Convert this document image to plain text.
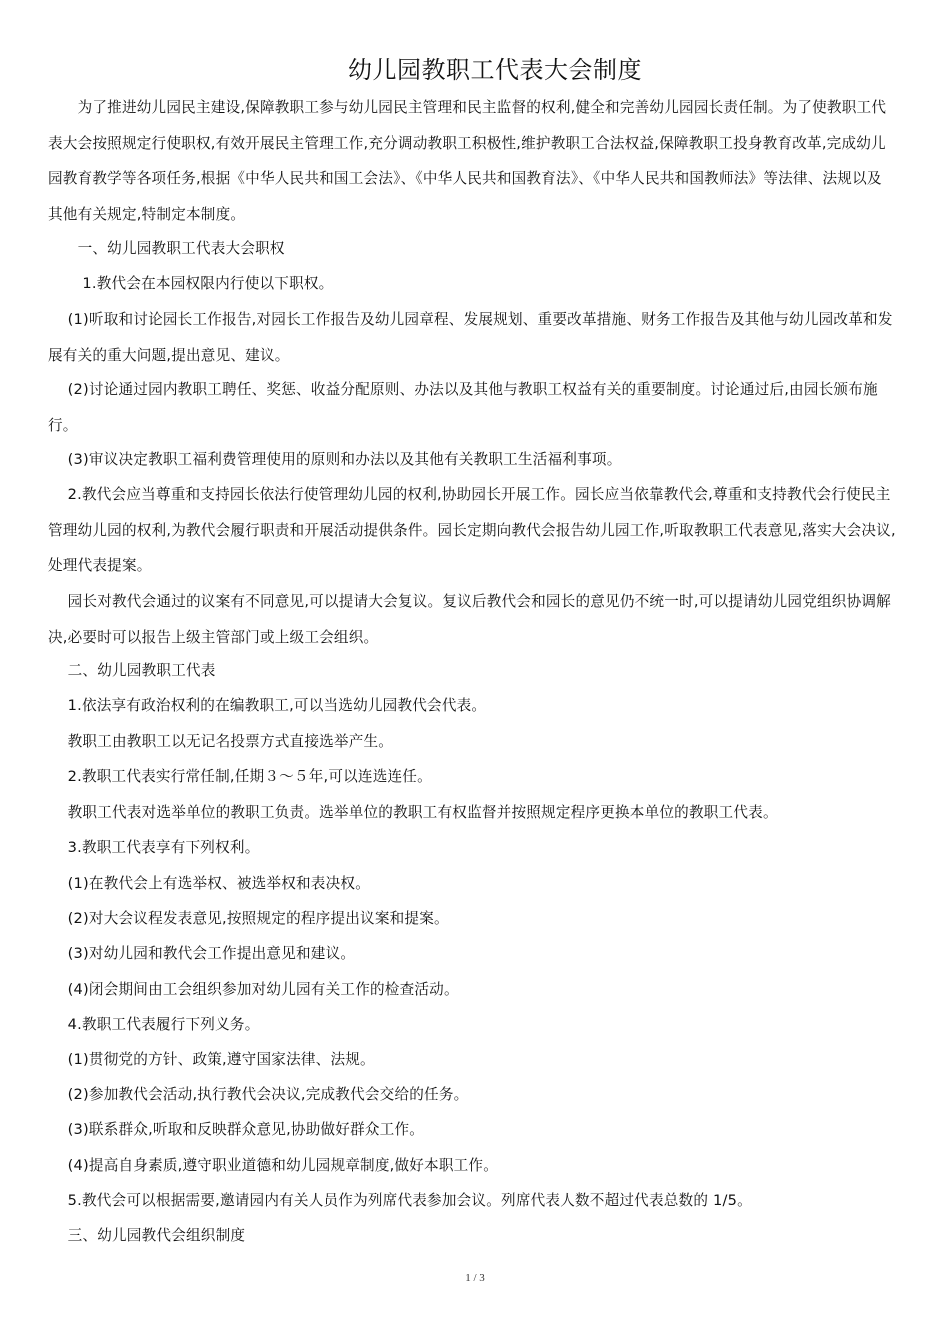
幼儿园教职工代表大会制度

　　为了推进幼儿园民主建设,保障教职工参与幼儿园民主管理和民主监督的权利,健全和完善幼儿园园长责任制。为了使教职工代表大会按照规定行使职权,有效开展民主管理工作,充分调动教职工积极性,维护教职工合法权益,保障教职工投身教育改革,完成幼儿园教育教学等各项任务,根据《中华人民共和国工会法》、《中华人民共和国教育法》、《中华人民共和国教师法》等法律、法规以及其他有关规定,特制定本制度。

　　一、幼儿园教职工代表大会职权

　　 1.教代会在本园权限内行使以下职权。

　 (1)听取和讨论园长工作报告,对园长工作报告及幼儿园章程、发展规划、重要改革措施、财务工作报告及其他与幼儿园改革和发展有关的重大问题,提出意见、建议。

　 (2)讨论通过园内教职工聘任、奖惩、收益分配原则、办法以及其他与教职工权益有关的重要制度。讨论通过后,由园长颁布施行。

　 (3)审议决定教职工福利费管理使用的原则和办法以及其他有关教职工生活福利事项。

　 2.教代会应当尊重和支持园长依法行使管理幼儿园的权利,协助园长开展工作。园长应当依靠教代会,尊重和支持教代会行使民主管理幼儿园的权利,为教代会履行职责和开展活动提供条件。园长定期向教代会报告幼儿园工作,听取教职工代表意见,落实大会决议,处理代表提案。

　 园长对教代会通过的议案有不同意见,可以提请大会复议。复议后教代会和园长的意见仍不统一时,可以提请幼儿园党组织协调解决,必要时可以报告上级主管部门或上级工会组织。

　 二、幼儿园教职工代表

　 1.依法享有政治权利的在编教职工,可以当选幼儿园教代会代表。

　 教职工由教职工以无记名投票方式直接选举产生。

　 2.教职工代表实行常任制,任期３～５年,可以连选连任。

　 教职工代表对选举单位的教职工负责。选举单位的教职工有权监督并按照规定程序更换本单位的教职工代表。

　 3.教职工代表享有下列权利。

　 (1)在教代会上有选举权、被选举权和表决权。

　 (2)对大会议程发表意见,按照规定的程序提出议案和提案。

　 (3)对幼儿园和教代会工作提出意见和建议。

　 (4)闭会期间由工会组织参加对幼儿园有关工作的检查活动。

　 4.教职工代表履行下列义务。

　 (1)贯彻党的方针、政策,遵守国家法律、法规。

　 (2)参加教代会活动,执行教代会决议,完成教代会交给的任务。

　 (3)联系群众,听取和反映群众意见,协助做好群众工作。

　 (4)提高自身素质,遵守职业道德和幼儿园规章制度,做好本职工作。

　 5.教代会可以根据需要,邀请园内有关人员作为列席代表参加会议。列席代表人数不超过代表总数的 1/5。

　 三、幼儿园教代会组织制度

1 / 3
